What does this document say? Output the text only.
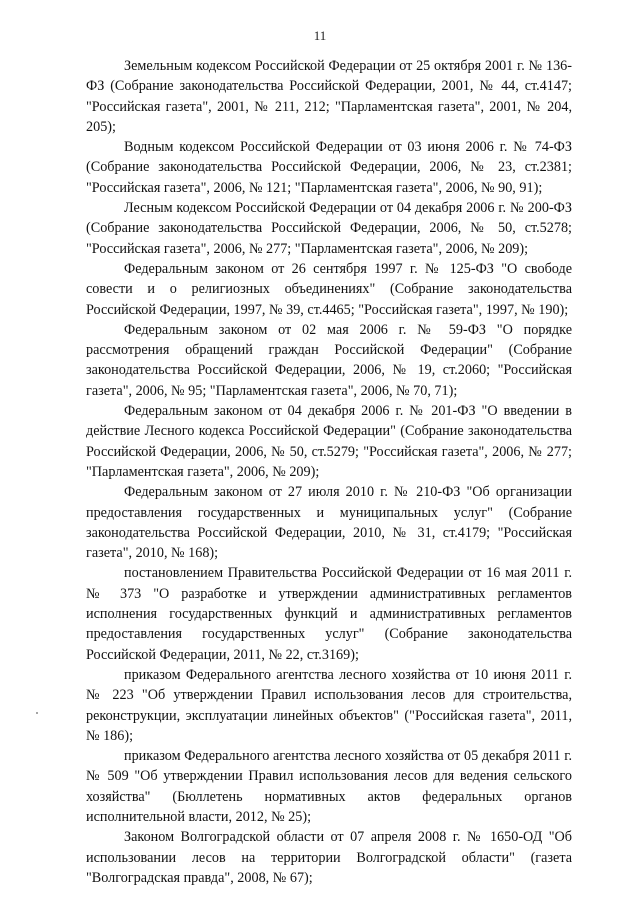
11

Земельным кодексом Российской Федерации от 25 октября 2001 г. № 136-ФЗ (Собрание законодательства Российской Федерации, 2001, № 44, ст.4147; "Российская газета", 2001, № 211, 212; "Парламентская газета", 2001, № 204, 205);

Водным кодексом Российской Федерации от 03 июня 2006 г. № 74-ФЗ (Собрание законодательства Российской Федерации, 2006, № 23, ст.2381; "Российская газета", 2006, № 121; "Парламентская газета", 2006, № 90, 91);

Лесным кодексом Российской Федерации от 04 декабря 2006 г. № 200-ФЗ (Собрание законодательства Российской Федерации, 2006, № 50, ст.5278; "Российская газета", 2006, № 277; "Парламентская газета", 2006, № 209);

Федеральным законом от 26 сентября 1997 г. № 125-ФЗ "О свободе совести и о религиозных объединениях" (Собрание законодательства Российской Федерации, 1997, № 39, ст.4465; "Российская газета", 1997, № 190);

Федеральным законом от 02 мая 2006 г. № 59-ФЗ "О порядке рассмотрения обращений граждан Российской Федерации" (Собрание законодательства Российской Федерации, 2006, № 19, ст.2060; "Российская газета", 2006, № 95; "Парламентская газета", 2006, № 70, 71);

Федеральным законом от 04 декабря 2006 г. № 201-ФЗ "О введении в действие Лесного кодекса Российской Федерации" (Собрание законодательства Российской Федерации, 2006, № 50, ст.5279; "Российская газета", 2006, № 277; "Парламентская газета", 2006, № 209);

Федеральным законом от 27 июля 2010 г. № 210-ФЗ "Об организации предоставления государственных и муниципальных услуг" (Собрание законодательства Российской Федерации, 2010, № 31, ст.4179; "Российская газета", 2010, № 168);

постановлением Правительства Российской Федерации от 16 мая 2011 г. № 373 "О разработке и утверждении административных регламентов исполнения государственных функций и административных регламентов предоставления государственных услуг" (Собрание законодательства Российской Федерации, 2011, № 22, ст.3169);

приказом Федерального агентства лесного хозяйства от 10 июня 2011 г. № 223 "Об утверждении Правил использования лесов для строительства, реконструкции, эксплуатации линейных объектов" ("Российская газета", 2011, № 186);

приказом Федерального агентства лесного хозяйства от 05 декабря 2011 г. № 509 "Об утверждении Правил использования лесов для ведения сельского хозяйства" (Бюллетень нормативных актов федеральных органов исполнительной власти, 2012, № 25);

Законом Волгоградской области от 07 апреля 2008 г. № 1650-ОД "Об использовании лесов на территории Волгоградской области" (газета "Волгоградская правда", 2008, № 67);
